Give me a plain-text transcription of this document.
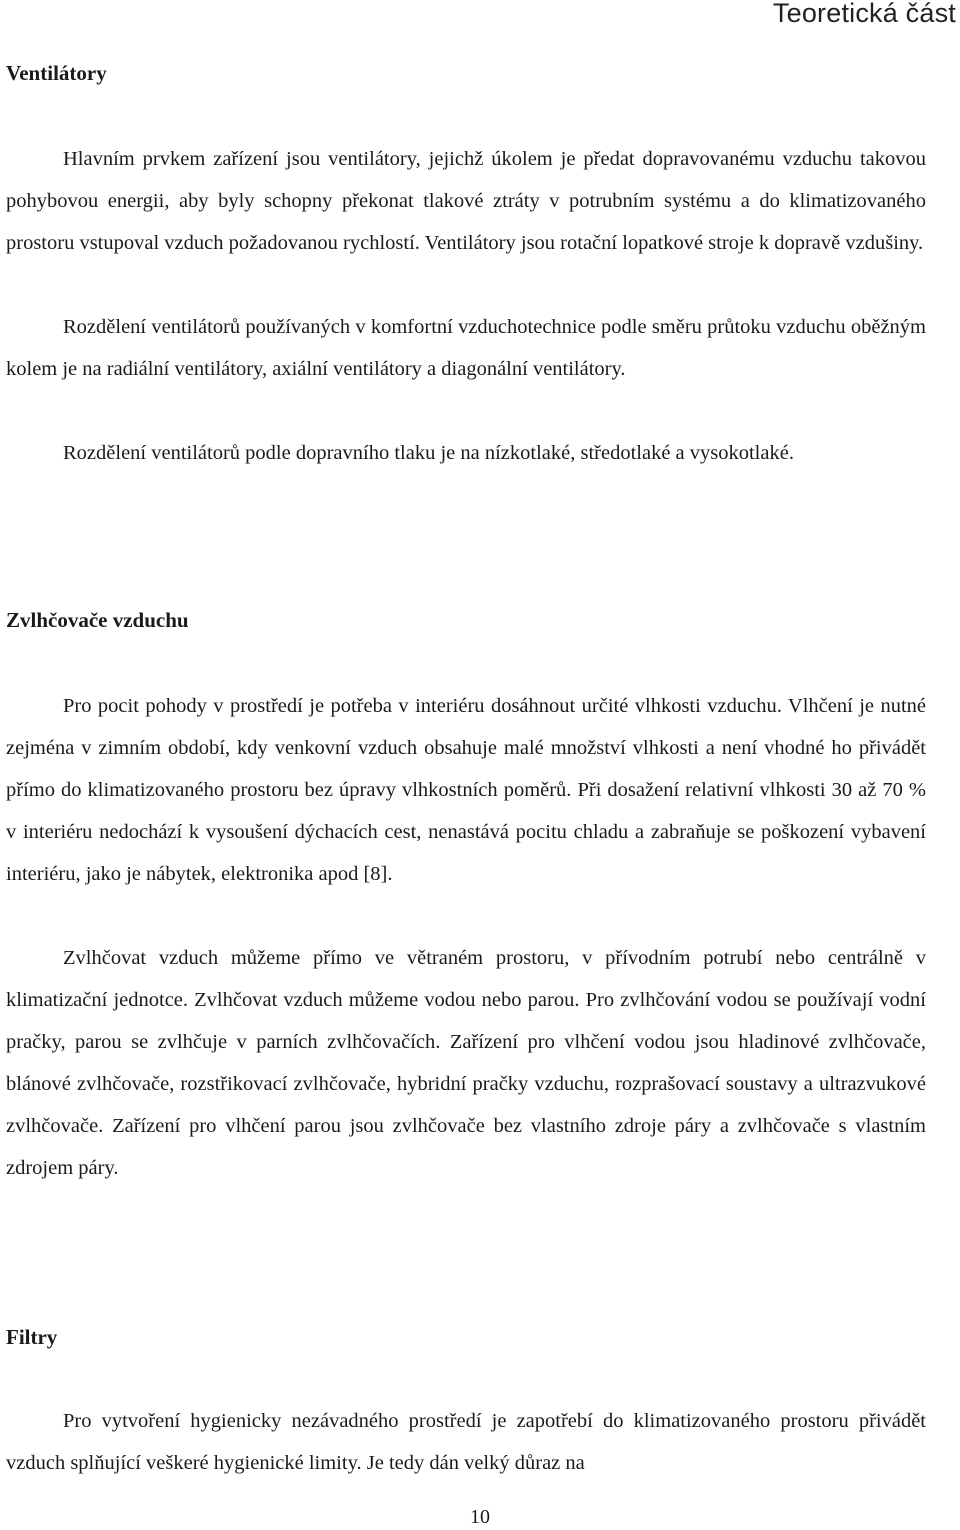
Teoretická část
Ventilátory

Hlavním prvkem zařízení jsou ventilátory, jejichž úkolem je předat dopravovanému vzduchu takovou pohybovou energii, aby byly schopny překonat tlakové ztráty v potrubním systému a do klimatizovaného prostoru vstupoval vzduch požadovanou rychlostí. Ventilátory jsou rotační lopatkové stroje k dopravě vzdušiny.

Rozdělení ventilátorů používaných v komfortní vzduchotechnice podle směru průtoku vzduchu oběžným kolem je na radiální ventilátory, axiální ventilátory a diagonální ventilátory.

Rozdělení ventilátorů podle dopravního tlaku je na nízkotlaké, středotlaké a vysokotlaké.

Zvlhčovače vzduchu

Pro pocit pohody v prostředí je potřeba v interiéru dosáhnout určité vlhkosti vzduchu. Vlhčení je nutné zejména v zimním období, kdy venkovní vzduch obsahuje malé množství vlhkosti a není vhodné ho přivádět přímo do klimatizovaného prostoru bez úpravy vlhkostních poměrů. Při dosažení relativní vlhkosti 30 až 70 % v interiéru nedochází k vysoušení dýchacích cest, nenastává pocitu chladu a zabraňuje se poškození vybavení interiéru, jako je nábytek, elektronika apod [8].

Zvlhčovat vzduch můžeme přímo ve větraném prostoru, v přívodním potrubí nebo centrálně v klimatizační jednotce. Zvlhčovat vzduch můžeme vodou nebo parou. Pro zvlhčování vodou se používají vodní pračky, parou se zvlhčuje v parních zvlhčovačích. Zařízení pro vlhčení vodou jsou hladinové zvlhčovače, blánové zvlhčovače, rozstřikovací zvlhčovače, hybridní pračky vzduchu, rozprašovací soustavy a ultrazvukové zvlhčovače. Zařízení pro vlhčení parou jsou zvlhčovače bez vlastního zdroje páry a zvlhčovače s vlastním zdrojem páry.

Filtry

Pro vytvoření hygienicky nezávadného prostředí je zapotřebí do klimatizovaného prostoru přivádět vzduch splňující veškeré hygienické limity. Je tedy dán velký důraz na

10
